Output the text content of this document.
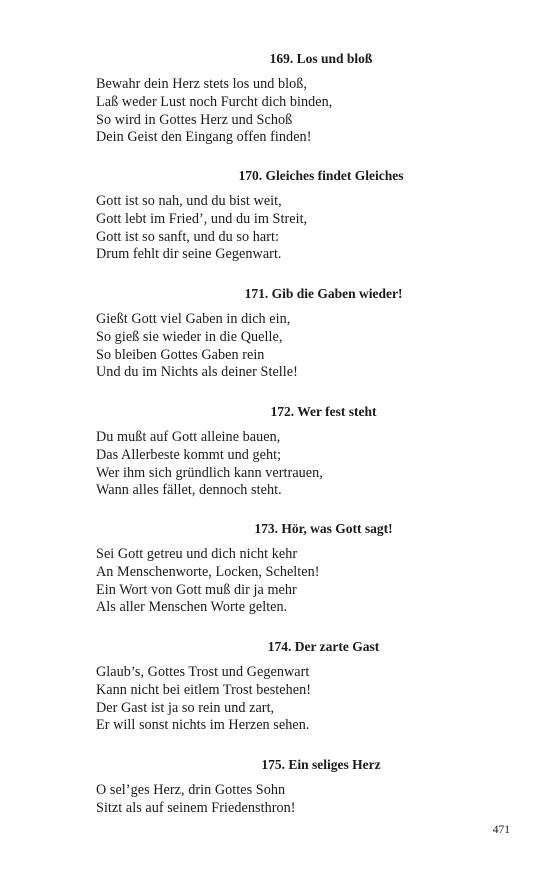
169. Los und bloß
Bewahr dein Herz stets los und bloß,
Laß weder Lust noch Furcht dich binden,
So wird in Gottes Herz und Schoß
Dein Geist den Eingang offen finden!
170. Gleiches findet Gleiches
Gott ist so nah, und du bist weit,
Gott lebt im Fried’, und du im Streit,
Gott ist so sanft, und du so hart:
Drum fehlt dir seine Gegenwart.
171. Gib die Gaben wieder!
Gießt Gott viel Gaben in dich ein,
So gieß sie wieder in die Quelle,
So bleiben Gottes Gaben rein
Und du im Nichts als deiner Stelle!
172. Wer fest steht
Du mußt auf Gott alleine bauen,
Das Allerbeste kommt und geht;
Wer ihm sich gründlich kann vertrauen,
Wann alles fället, dennoch steht.
173. Hör, was Gott sagt!
Sei Gott getreu und dich nicht kehr
An Menschenworte, Locken, Schelten!
Ein Wort von Gott muß dir ja mehr
Als aller Menschen Worte gelten.
174. Der zarte Gast
Glaub’s, Gottes Trost und Gegenwart
Kann nicht bei eitlem Trost bestehen!
Der Gast ist ja so rein und zart,
Er will sonst nichts im Herzen sehen.
175. Ein seliges Herz
O sel’ges Herz, drin Gottes Sohn
Sitzt als auf seinem Friedensthron!
471
